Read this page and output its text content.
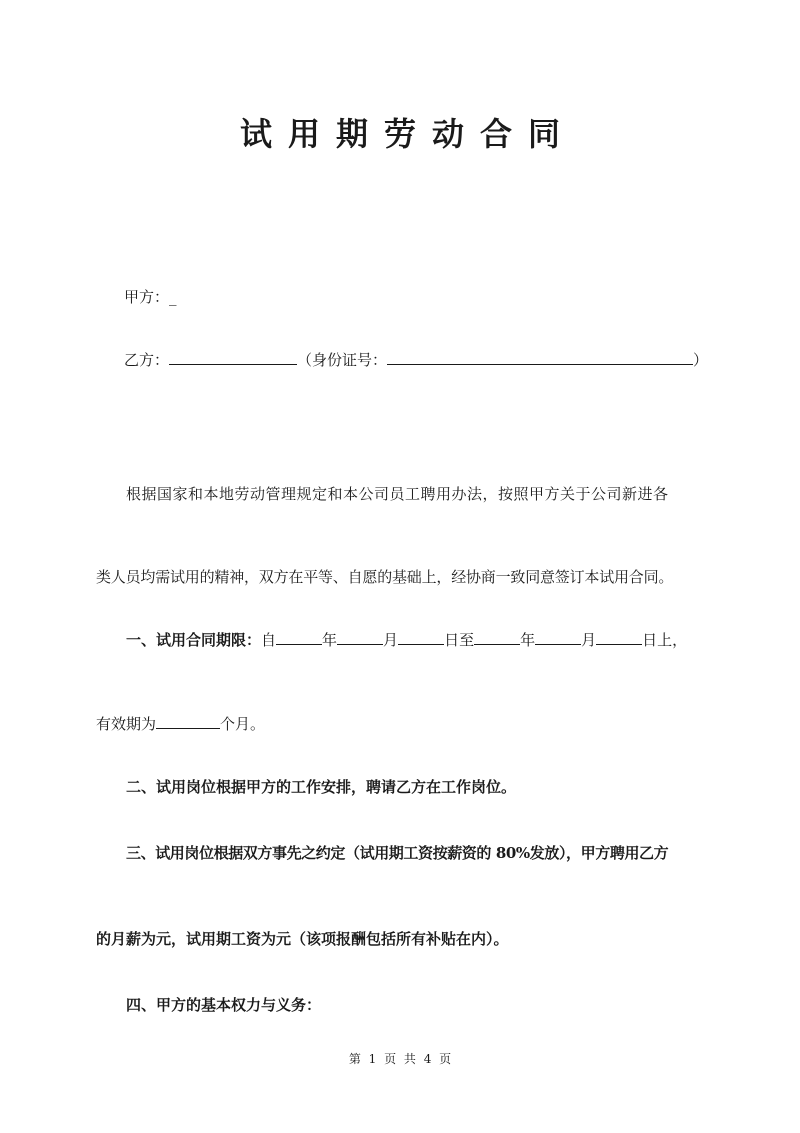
试用期劳动合同
甲方：_
乙方：	（身份证号：	）
根据国家和本地劳动管理规定和本公司员工聘用办法，按照甲方关于公司新进各
类人员均需试用的精神，双方在平等、自愿的基础上，经协商一致同意签订本试用合同。
一、试用合同期限：自	年	月	日至	年	月	日上，
有效期为	个月。
二、试用岗位根据甲方的工作安排，聘请乙方在工作岗位。
三、试用岗位根据双方事先之约定（试用期工资按薪资的 80%发放），甲方聘用乙方
的月薪为元，试用期工资为元（该项报酬包括所有补贴在内）。
四、甲方的基本权力与义务：
第 1 页 共 4 页
